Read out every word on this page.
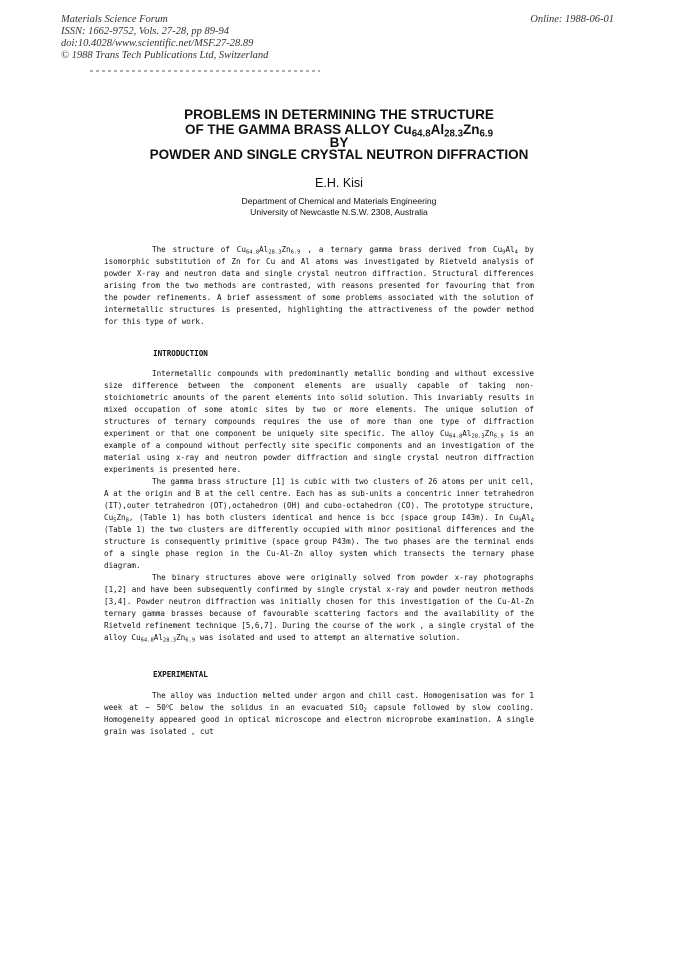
Materials Science Forum
ISSN: 1662-9752, Vols. 27-28, pp 89-94
doi:10.4028/www.scientific.net/MSF.27-28.89
© 1988 Trans Tech Publications Ltd, Switzerland
Online: 1988-06-01
PROBLEMS IN DETERMINING THE STRUCTURE
OF THE GAMMA BRASS ALLOY $Cu_{64.8}Al_{28.3}Zn_{6.9}$
BY
POWDER AND SINGLE CRYSTAL NEUTRON DIFFRACTION
E.H. Kisi
Department of Chemical and Materials Engineering
University of Newcastle N.S.W. 2308, Australia

The structure of $Cu_{64.8}Al_{28.3}Zn_{6.9}$ , a ternary gamma brass derived from $Cu_9Al_4$ by isomorphic substitution of Zn for Cu and Al atoms was investigated by Rietveld analysis of powder X-ray and neutron data and single crystal neutron diffraction. Structural differences arising from the two methods are contrasted, with reasons presented for favouring that from the powder refinements. A brief assessment of some problems associated with the solution of intermetallic structures is presented, highlighting the attractiveness of the powder method for this type of work.

INTRODUCTION

Intermetallic compounds with predominantly metallic bonding and without excessive size difference between the component elements are usually capable of taking non-stoichiometric amounts of the parent elements into solid solution. This invariably results in mixed occupation of some atomic sites by two or more elements. The unique solution of structures of ternary compounds requires the use of more than one type of diffraction experiment or that one component be uniquely site specific. The alloy $Cu_{64.8}Al_{28.3}Zn_{6.9}$ is an example of a compound without perfectly site specific components and an investigation of the material using x-ray and neutron powder diffraction and single crystal neutron diffraction experiments is presented here.

The gamma brass structure [1] is cubic with two clusters of 26 atoms per unit cell, A at the origin and B at the cell centre. Each has as sub-units a concentric inner tetrahedron (IT),outer tetrahedron (OT),octahedron (OH) and cubo-octahedron (CO). The prototype structure, $Cu_5Zn_8$, (Table 1) has both clusters identical and hence is bcc (space group I43m). In $Cu_9Al_4$ (Table 1) the two clusters are differently occupied with minor positional differences and the structure is consequently primitive (space group P43m). The two phases are the terminal ends of a single phase region in the Cu-Al-Zn alloy system which transects the ternary phase diagram.

The binary structures above were originally solved from powder x-ray photographs [1,2] and have been subsequently confirmed by single crystal x-ray and powder neutron methods [3,4]. Powder neutron diffraction was initially chosen for this investigation of the Cu-Al-Zn ternary gamma brasses because of favourable scattering factors and the availability of the Rietveld refinement technique [5,6,7]. During the course of the work , a single crystal of the alloy $Cu_{64.8}Al_{28.3}Zn_{6.9}$ was isolated and used to attempt an alternative solution.

EXPERIMENTAL

The alloy was induction melted under argon and chill cast. Homogenisation was for 1 week at ~ 50$^o$C below the solidus in an evacuated SiO$_2$ capsule followed by slow cooling. Homogeneity appeared good in optical microscope and electron microprobe examination. A single grain was isolated , cut
